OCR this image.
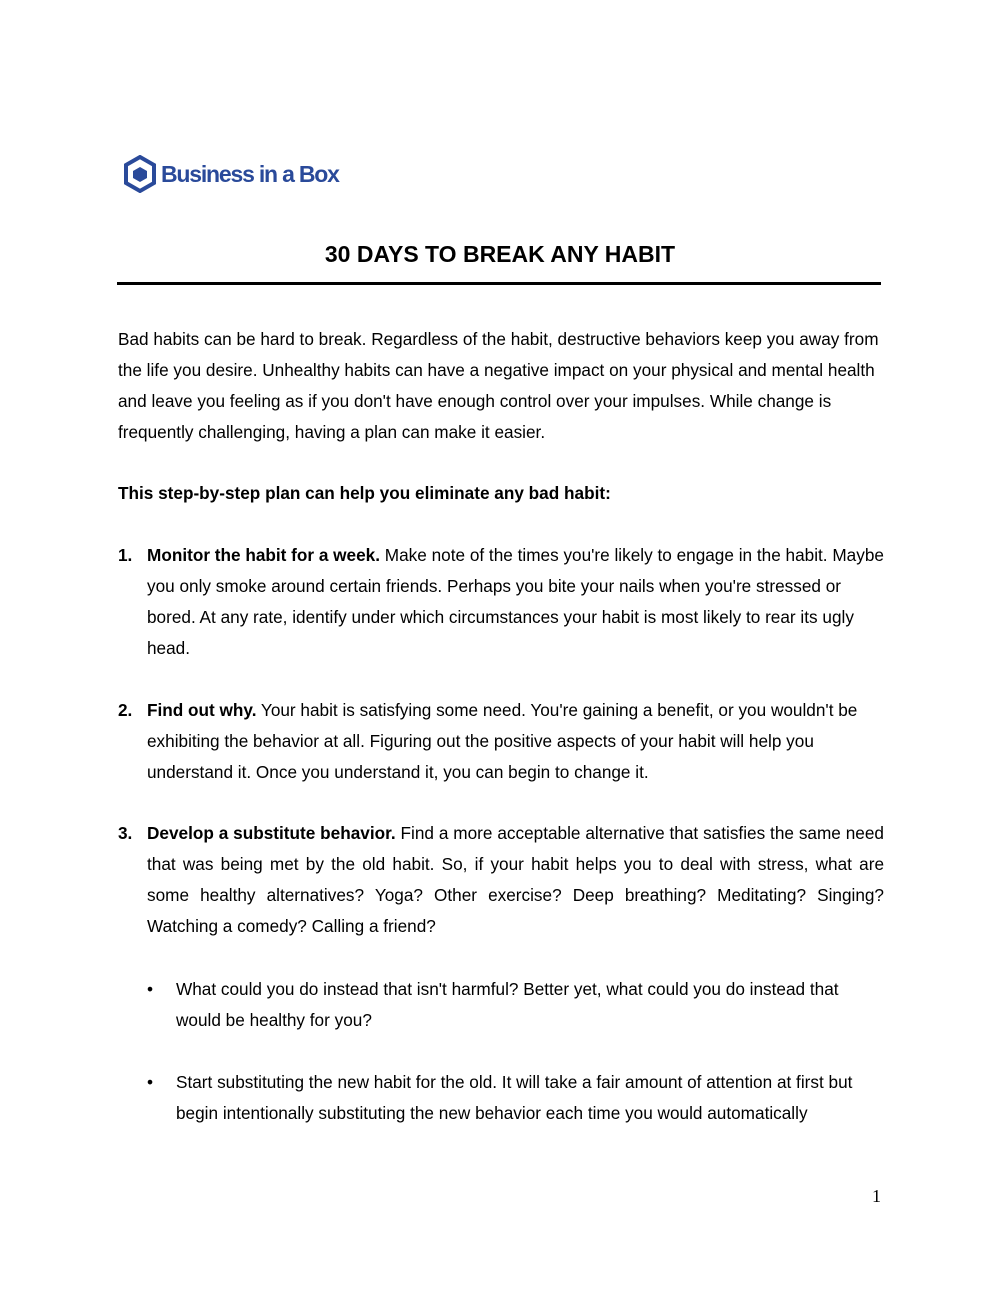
Business in a Box
30 DAYS TO BREAK ANY HABIT
Bad habits can be hard to break. Regardless of the habit, destructive behaviors keep you away from the life you desire. Unhealthy habits can have a negative impact on your physical and mental health and leave you feeling as if you don't have enough control over your impulses. While change is frequently challenging, having a plan can make it easier.
This step-by-step plan can help you eliminate any bad habit:
1. Monitor the habit for a week. Make note of the times you're likely to engage in the habit. Maybe you only smoke around certain friends. Perhaps you bite your nails when you're stressed or bored. At any rate, identify under which circumstances your habit is most likely to rear its ugly head.
2. Find out why. Your habit is satisfying some need. You're gaining a benefit, or you wouldn't be exhibiting the behavior at all. Figuring out the positive aspects of your habit will help you understand it. Once you understand it, you can begin to change it.
3. Develop a substitute behavior. Find a more acceptable alternative that satisfies the same need that was being met by the old habit. So, if your habit helps you to deal with stress, what are some healthy alternatives? Yoga? Other exercise? Deep breathing? Meditating? Singing? Watching a comedy? Calling a friend?
• What could you do instead that isn't harmful? Better yet, what could you do instead that would be healthy for you?
• Start substituting the new habit for the old. It will take a fair amount of attention at first but begin intentionally substituting the new behavior each time you would automatically
1
